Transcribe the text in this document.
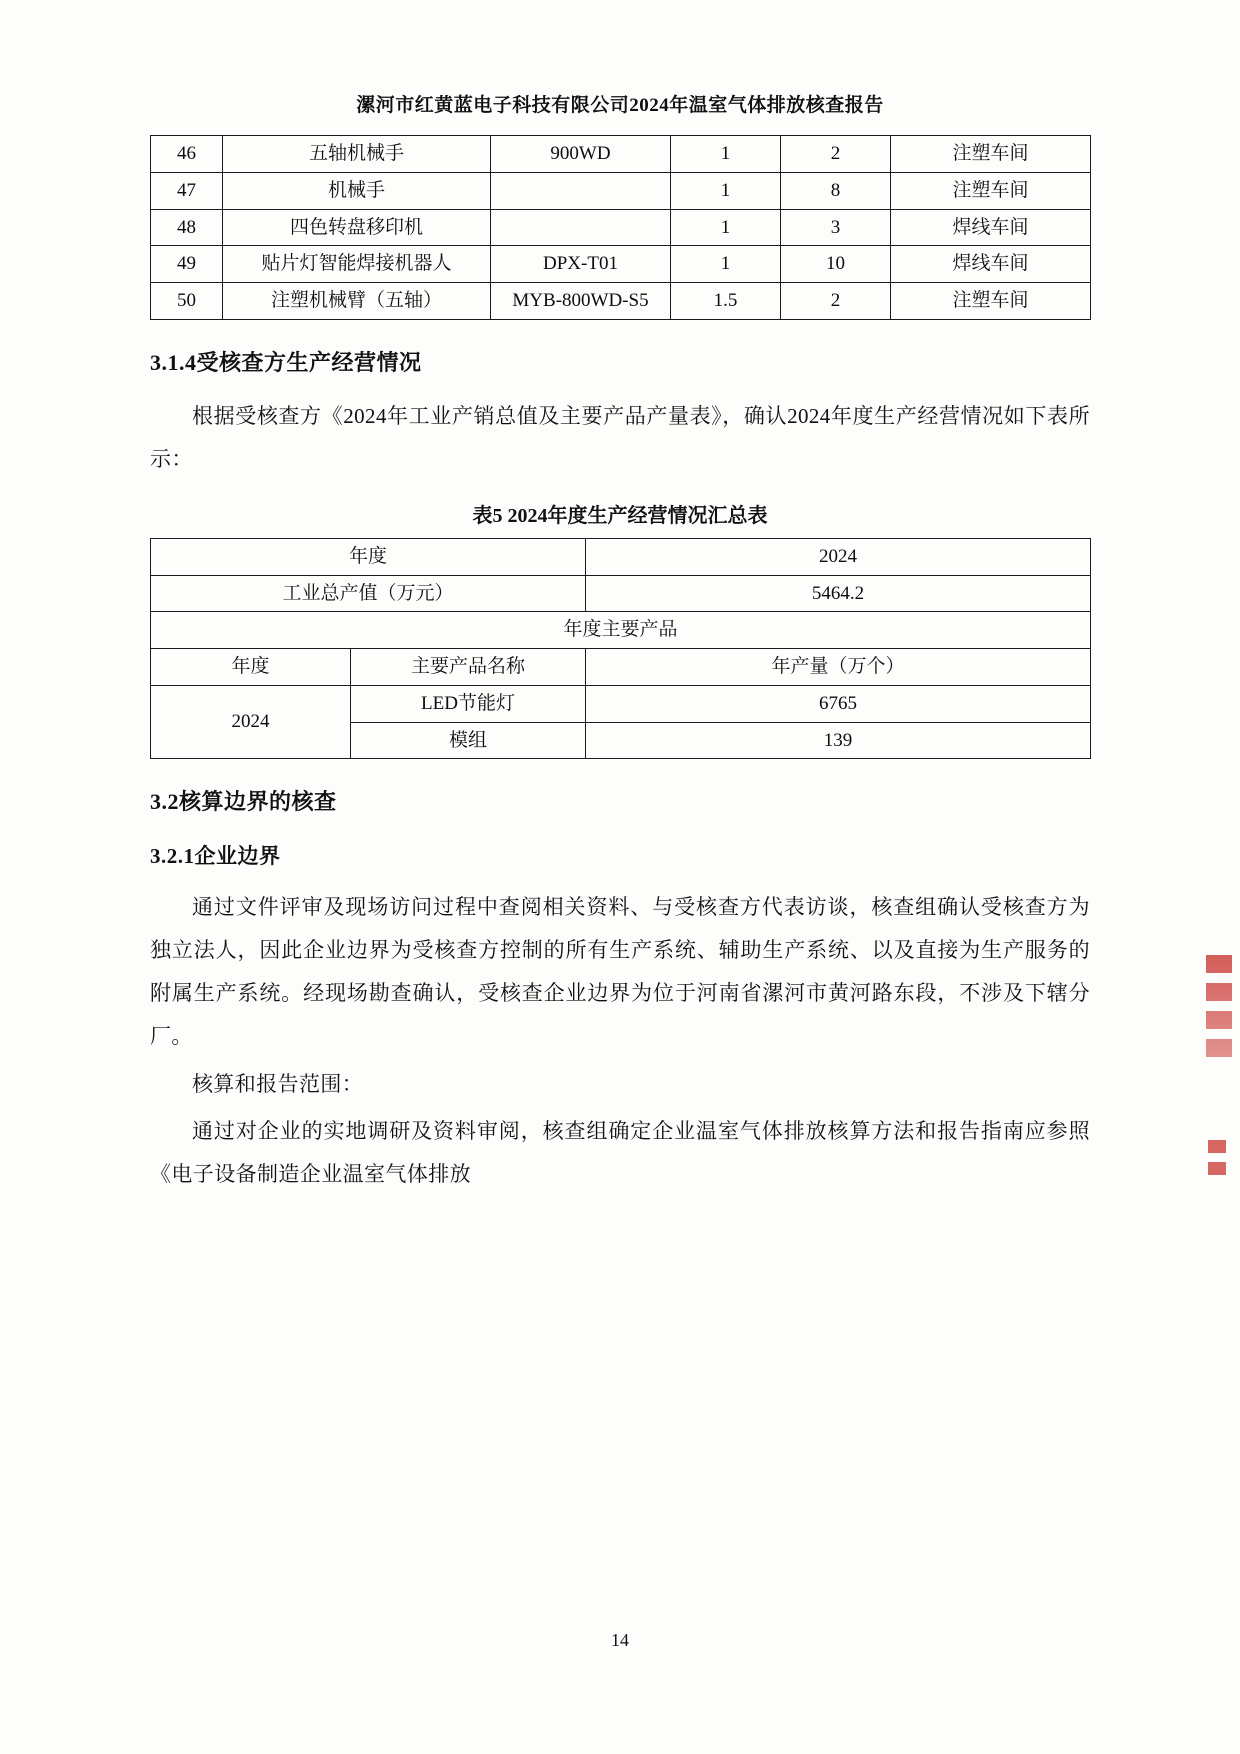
漯河市红黄蓝电子科技有限公司2024年温室气体排放核查报告
46	五轴机械手	900WD	1	2	注塑车间
47	机械手		1	8	注塑车间
48	四色转盘移印机		1	3	焊线车间
49	贴片灯智能焊接机器人	DPX-T01	1	10	焊线车间
50	注塑机械臂（五轴）	MYB-800WD-S5	1.5	2	注塑车间
3.1.4受核查方生产经营情况

根据受核查方《2024年工业产销总值及主要产品产量表》，确认2024年度生产经营情况如下表所示：

表5 2024年度生产经营情况汇总表
年度		2024
工业总产值（万元）		5464.2
年度主要产品		
年度	主要产品名称	年产量（万个）
2024	LED节能灯	6765
	模组	139
3.2核算边界的核查
3.2.1企业边界

通过文件评审及现场访问过程中查阅相关资料、与受核查方代表访谈，核查组确认受核查方为独立法人，因此企业边界为受核查方控制的所有生产系统、辅助生产系统、以及直接为生产服务的附属生产系统。经现场勘查确认，受核查企业边界为位于河南省漯河市黄河路东段，不涉及下辖分厂。

核算和报告范围：

通过对企业的实地调研及资料审阅，核查组确定企业温室气体排放核算方法和报告指南应参照《电子设备制造企业温室气体排放

14
